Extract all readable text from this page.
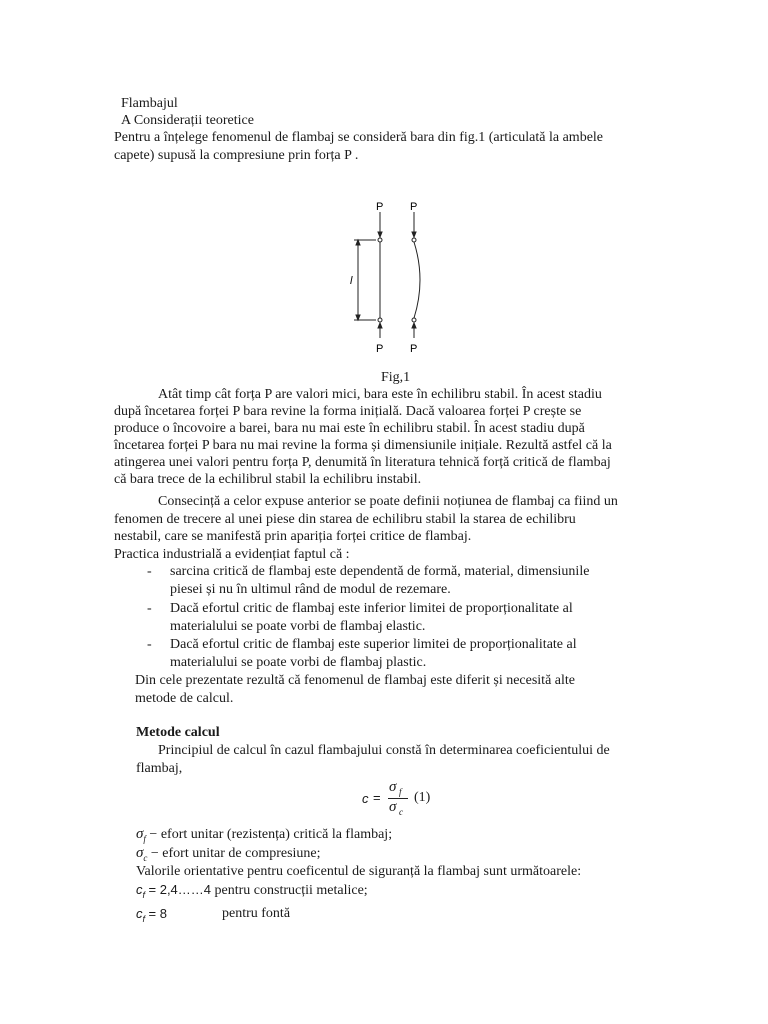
Flambajul
A Considerații teoretice
Pentru a înțelege fenomenul de flambaj se consideră bara din fig.1 (articulată la ambele
capete) supusă la compresiune prin forța P .
P P
P P
l
Fig,1
Atât timp cât forța P are valori mici, bara este în echilibru stabil. În acest stadiu
după încetarea forței P bara revine la forma inițială. Dacă valoarea forței P crește se
produce o încovoire a barei, bara nu mai este în echilibru stabil. În acest stadiu după
încetarea forței P bara nu mai revine la forma și dimensiunile inițiale. Rezultă astfel că la
atingerea unei valori pentru forța P, denumită în literatura tehnică forță critică de flambaj
că bara trece de la echilibrul stabil la echilibru instabil.
Consecință a celor expuse anterior se poate definii noțiunea de flambaj ca fiind un
fenomen de trecere al unei piese din starea de echilibru stabil la starea de echilibru
nestabil, care se manifestă prin apariția forței critice de flambaj.
Practica industrială a evidențiat faptul că :
- sarcina critică de flambaj este dependentă de formă, material, dimensiunile
piesei și nu în ultimul rând de modul de rezemare.
- Dacă efortul critic de flambaj este inferior limitei de proporționalitate al
materialului se poate vorbi de flambaj elastic.
- Dacă efortul critic de flambaj este superior limitei de proporționalitate al
materialului se poate vorbi de flambaj plastic.
Din cele prezentate rezultă că fenomenul de flambaj este diferit și necesită alte
metode de calcul.
Metode calcul
Principiul de calcul în cazul flambajului constă în determinarea coeficientului de
flambaj,
c =
σ f
σ c
(1)
$\sigma_f$ − efort unitar (rezistența) critică la flambaj;
$\sigma_c$ − efort unitar de compresiune;
Valorile orientative pentru coeficentul de siguranță la flambaj sunt următoarele:
$c_f$ = 2,4……4 pentru construcții metalice;
$c_f = 8$	pentru fontă
